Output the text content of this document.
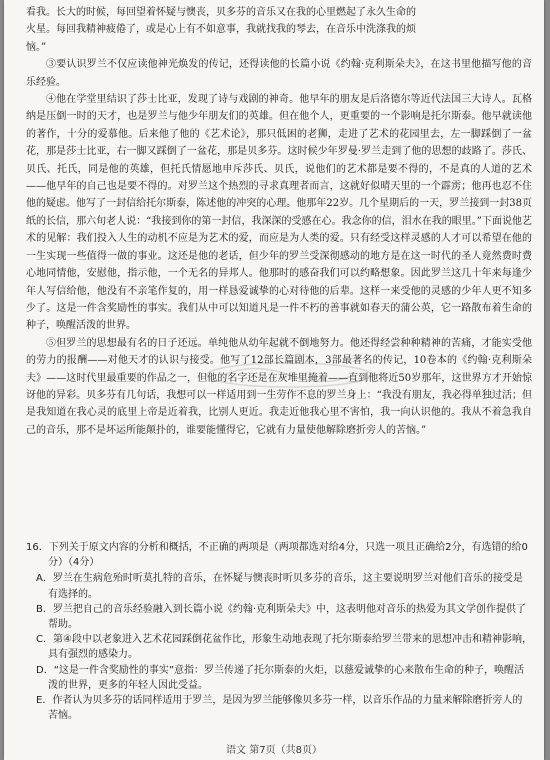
看我。长大的时候，每回望着怀疑与懊丧，贝多芬的音乐又在我的心里燃起了永久生命的

火星。每回我精神疲倦了，或是心上有不如意事，我就找我的琴去，在音乐中洗涤我的烦

恼。”

③要认识罗兰不仅应读他神光焕发的传记，还得读他的长篇小说《约翰·克利斯朵夫》，在这书里他描写他的音乐经验。

④他在学堂里结识了莎士比亚，发现了诗与戏剧的神奇。他早年的朋友是后洛德尔等近代法国三大诗人。瓦格纳是压倒一时的天才，也是罗兰与他少年朋友们的英雄。但在他个人，更重要的一个影响是托尔斯泰。他早就读他的著作，十分的爱慕他。后来他了他的《艺术论》，那只低困的老狮，走进了艺术的花园里去，左一脚踩倒了一盆花，那是莎士比亚，右一脚又踩倒了一盆花，那是贝多芬。这时候少年罗曼·罗兰走到了他的思想的歧路了。莎氏、贝氏、托氏，同是他的英雄，但托氏情愿地申斥莎氏、贝氏，说他们的艺术都是要不得的，不是真的人道的艺术——他早年的自己也是要不得的。对罗兰这个热烈的寻求真理者而言，这就好似晴天里的一个霹雳；他再也忍不住他的疑虑。他写了一封信给托尔斯泰，陈述他的冲突的心理。他那年22岁。几个星期后的一天，罗兰接到一封38页纸的长信，那六旬老人说：“我接到你的第一封信，我深深的受感在心。我念你的信，泪水在我的眼里。”下面说他艺术的见解：我们投入人生的动机不应是为艺术的爱，而应是为人类的爱。只有经受这样灵感的人才可以希望在他的一生实现一些值得一做的事业。这还是他的老话，但少年的罗兰受深彻感动的地方是在这一时代的圣人竟然费时费心地同情他，安慰他，指示他，一个无名的异邦人。他那时的感奋我们可以约略想象。因此罗兰这几十年来每逢少年人写信给他，他没有不亲笔作复的，用一样恳爱诚挚的心对待他的后辈。这样一来受他的灵感的少年人更不知多少了。这是一件含奖励性的事实。我们从中可以知道凡是一件不朽的善事就如春天的蒲公英，它一路散布着生命的种子，唤醒活泼的世界。

⑤但罗兰的思想最有名的日子还远。单纯他从幼年起就不倒地努力。他还得经尝种种精神的苦痛，才能实受他的劳力的报酬——对他天才的认识与接受。他写了12部长篇剧本，3部最著名的传记，10卷本的《约翰·克利斯朵夫》——这时代里最重要的作品之一，但他的名字还是在灰堆里掩着——直到他将近50岁那年，这世界方才开始惊讶他的异彩。贝多芬有几句话，我想可以一样适用到一生劳作不息的罗兰身上：“我没有朋友，我必得单独过活；但是我知道在我心灵的底里上帝是近着我，比别人更近。我走近他我心里不害怕，我一向认识他的。我从不着急我自己的音乐，那不是坏运所能颠扑的，谁要能懂得它，它就有力量使他解除磨折旁人的苦恼。”

16．下列关于原文内容的分析和概括，不正确的两项是（两项都选对给4分，只选一项且正确给2分，有选错的给0分）（4分）

A．罗兰在生病危殆时听莫扎特的音乐，在怀疑与懊丧时听贝多芬的音乐，这主要说明罗兰对他们音乐的接受是有选择的。

B．罗兰把自己的音乐经验融入到长篇小说《约翰·克利斯朵夫》中，这表明他对音乐的热爱为其文学创作提供了帮助。

C．第④段中以老象进入艺术花园踩倒花盆作比，形象生动地表现了托尔斯泰给罗兰带来的思想冲击和精神影响，具有强烈的感染力。

D．“这是一件含奖励性的事实”意指：罗兰传递了托尔斯泰的火炬，以慈爱诚挚的心来散布生命的种子，唤醒活泼的世界，更多的年轻人因此受益。

E．作者认为贝多芬的话同样适用于罗兰，是因为罗兰能够像贝多芬一样，以音乐作品的力量来解除磨折旁人的苦恼。

语文 第7页（共8页）
